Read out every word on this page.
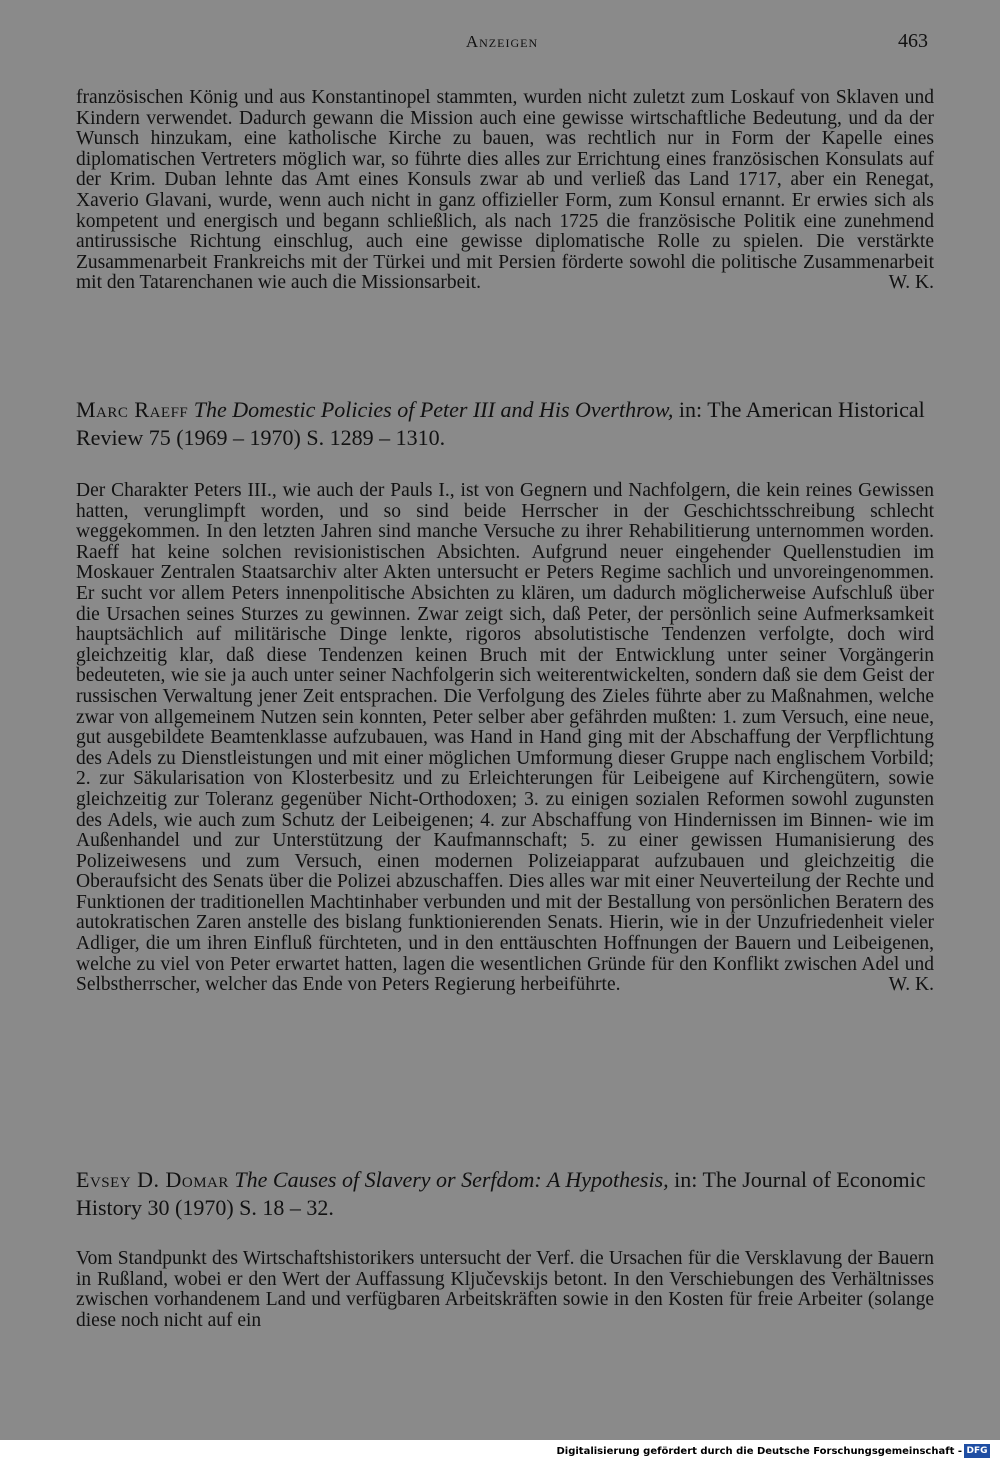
Anzeigen	463

französischen König und aus Konstantinopel stammten, wurden nicht zuletzt zum Loskauf von Sklaven und Kindern verwendet. Dadurch gewann die Mission auch eine gewisse wirtschaftliche Bedeutung, und da der Wunsch hinzukam, eine katholische Kirche zu bauen, was rechtlich nur in Form der Kapelle eines diplomatischen Vertreters möglich war, so führte dies alles zur Errichtung eines französischen Konsulats auf der Krim. Duban lehnte das Amt eines Konsuls zwar ab und verließ das Land 1717, aber ein Renegat, Xaverio Glavani, wurde, wenn auch nicht in ganz offizieller Form, zum Konsul ernannt. Er erwies sich als kompetent und energisch und begann schließlich, als nach 1725 die französische Politik eine zunehmend antirussische Richtung einschlug, auch eine gewisse diplomatische Rolle zu spielen. Die verstärkte Zusammenarbeit Frankreichs mit der Türkei und mit Persien förderte sowohl die politische Zusammenarbeit mit den Tatarenchanen wie auch die Missionsarbeit.	W. K.

Marc Raeff The Domestic Policies of Peter III and His Overthrow, in: The American Historical Review 75 (1969 – 1970) S. 1289 – 1310.

Der Charakter Peters III., wie auch der Pauls I., ist von Gegnern und Nachfolgern, die kein reines Gewissen hatten, verunglimpft worden, und so sind beide Herrscher in der Geschichtsschreibung schlecht weggekommen. In den letzten Jahren sind manche Versuche zu ihrer Rehabilitierung unternommen worden. Raeff hat keine solchen revisionistischen Absichten. Aufgrund neuer eingehender Quellenstudien im Moskauer Zentralen Staatsarchiv alter Akten untersucht er Peters Regime sachlich und unvoreingenommen. Er sucht vor allem Peters innenpolitische Absichten zu klären, um dadurch möglicherweise Aufschluß über die Ursachen seines Sturzes zu gewinnen. Zwar zeigt sich, daß Peter, der persönlich seine Aufmerksamkeit hauptsächlich auf militärische Dinge lenkte, rigoros absolutistische Tendenzen verfolgte, doch wird gleichzeitig klar, daß diese Tendenzen keinen Bruch mit der Entwicklung unter seiner Vorgängerin bedeuteten, wie sie ja auch unter seiner Nachfolgerin sich weiterentwickelten, sondern daß sie dem Geist der russischen Verwaltung jener Zeit entsprachen. Die Verfolgung des Zieles führte aber zu Maßnahmen, welche zwar von allgemeinem Nutzen sein konnten, Peter selber aber gefährden mußten: 1. zum Versuch, eine neue, gut ausgebildete Beamtenklasse aufzubauen, was Hand in Hand ging mit der Abschaffung der Verpflichtung des Adels zu Dienstleistungen und mit einer möglichen Umformung dieser Gruppe nach englischem Vorbild; 2. zur Säkularisation von Klosterbesitz und zu Erleichterungen für Leibeigene auf Kirchengütern, sowie gleichzeitig zur Toleranz gegenüber Nicht-Orthodoxen; 3. zu einigen sozialen Reformen sowohl zugunsten des Adels, wie auch zum Schutz der Leibeigenen; 4. zur Abschaffung von Hindernissen im Binnen- wie im Außenhandel und zur Unterstützung der Kaufmannschaft; 5. zu einer gewissen Humanisierung des Polizeiwesens und zum Versuch, einen modernen Polizeiapparat aufzubauen und gleichzeitig die Oberaufsicht des Senats über die Polizei abzuschaffen. Dies alles war mit einer Neuverteilung der Rechte und Funktionen der traditionellen Machtinhaber verbunden und mit der Bestallung von persönlichen Beratern des autokratischen Zaren anstelle des bislang funktionierenden Senats. Hierin, wie in der Unzufriedenheit vieler Adliger, die um ihren Einfluß fürchteten, und in den enttäuschten Hoffnungen der Bauern und Leibeigenen, welche zu viel von Peter erwartet hatten, lagen die wesentlichen Gründe für den Konflikt zwischen Adel und Selbstherrscher, welcher das Ende von Peters Regierung herbeiführte.	W. K.

Evsey D. Domar The Causes of Slavery or Serfdom: A Hypothesis, in: The Journal of Economic History 30 (1970) S. 18 – 32.

Vom Standpunkt des Wirtschaftshistorikers untersucht der Verf. die Ursachen für die Versklavung der Bauern in Rußland, wobei er den Wert der Auffassung Ključevskijs betont. In den Verschiebungen des Verhältnisses zwischen vorhandenem Land und verfügbaren Arbeitskräften sowie in den Kosten für freie Arbeiter (solange diese noch nicht auf ein

Digitalisierung gefördert durch die Deutsche Forschungsgemeinschaft - DFG
